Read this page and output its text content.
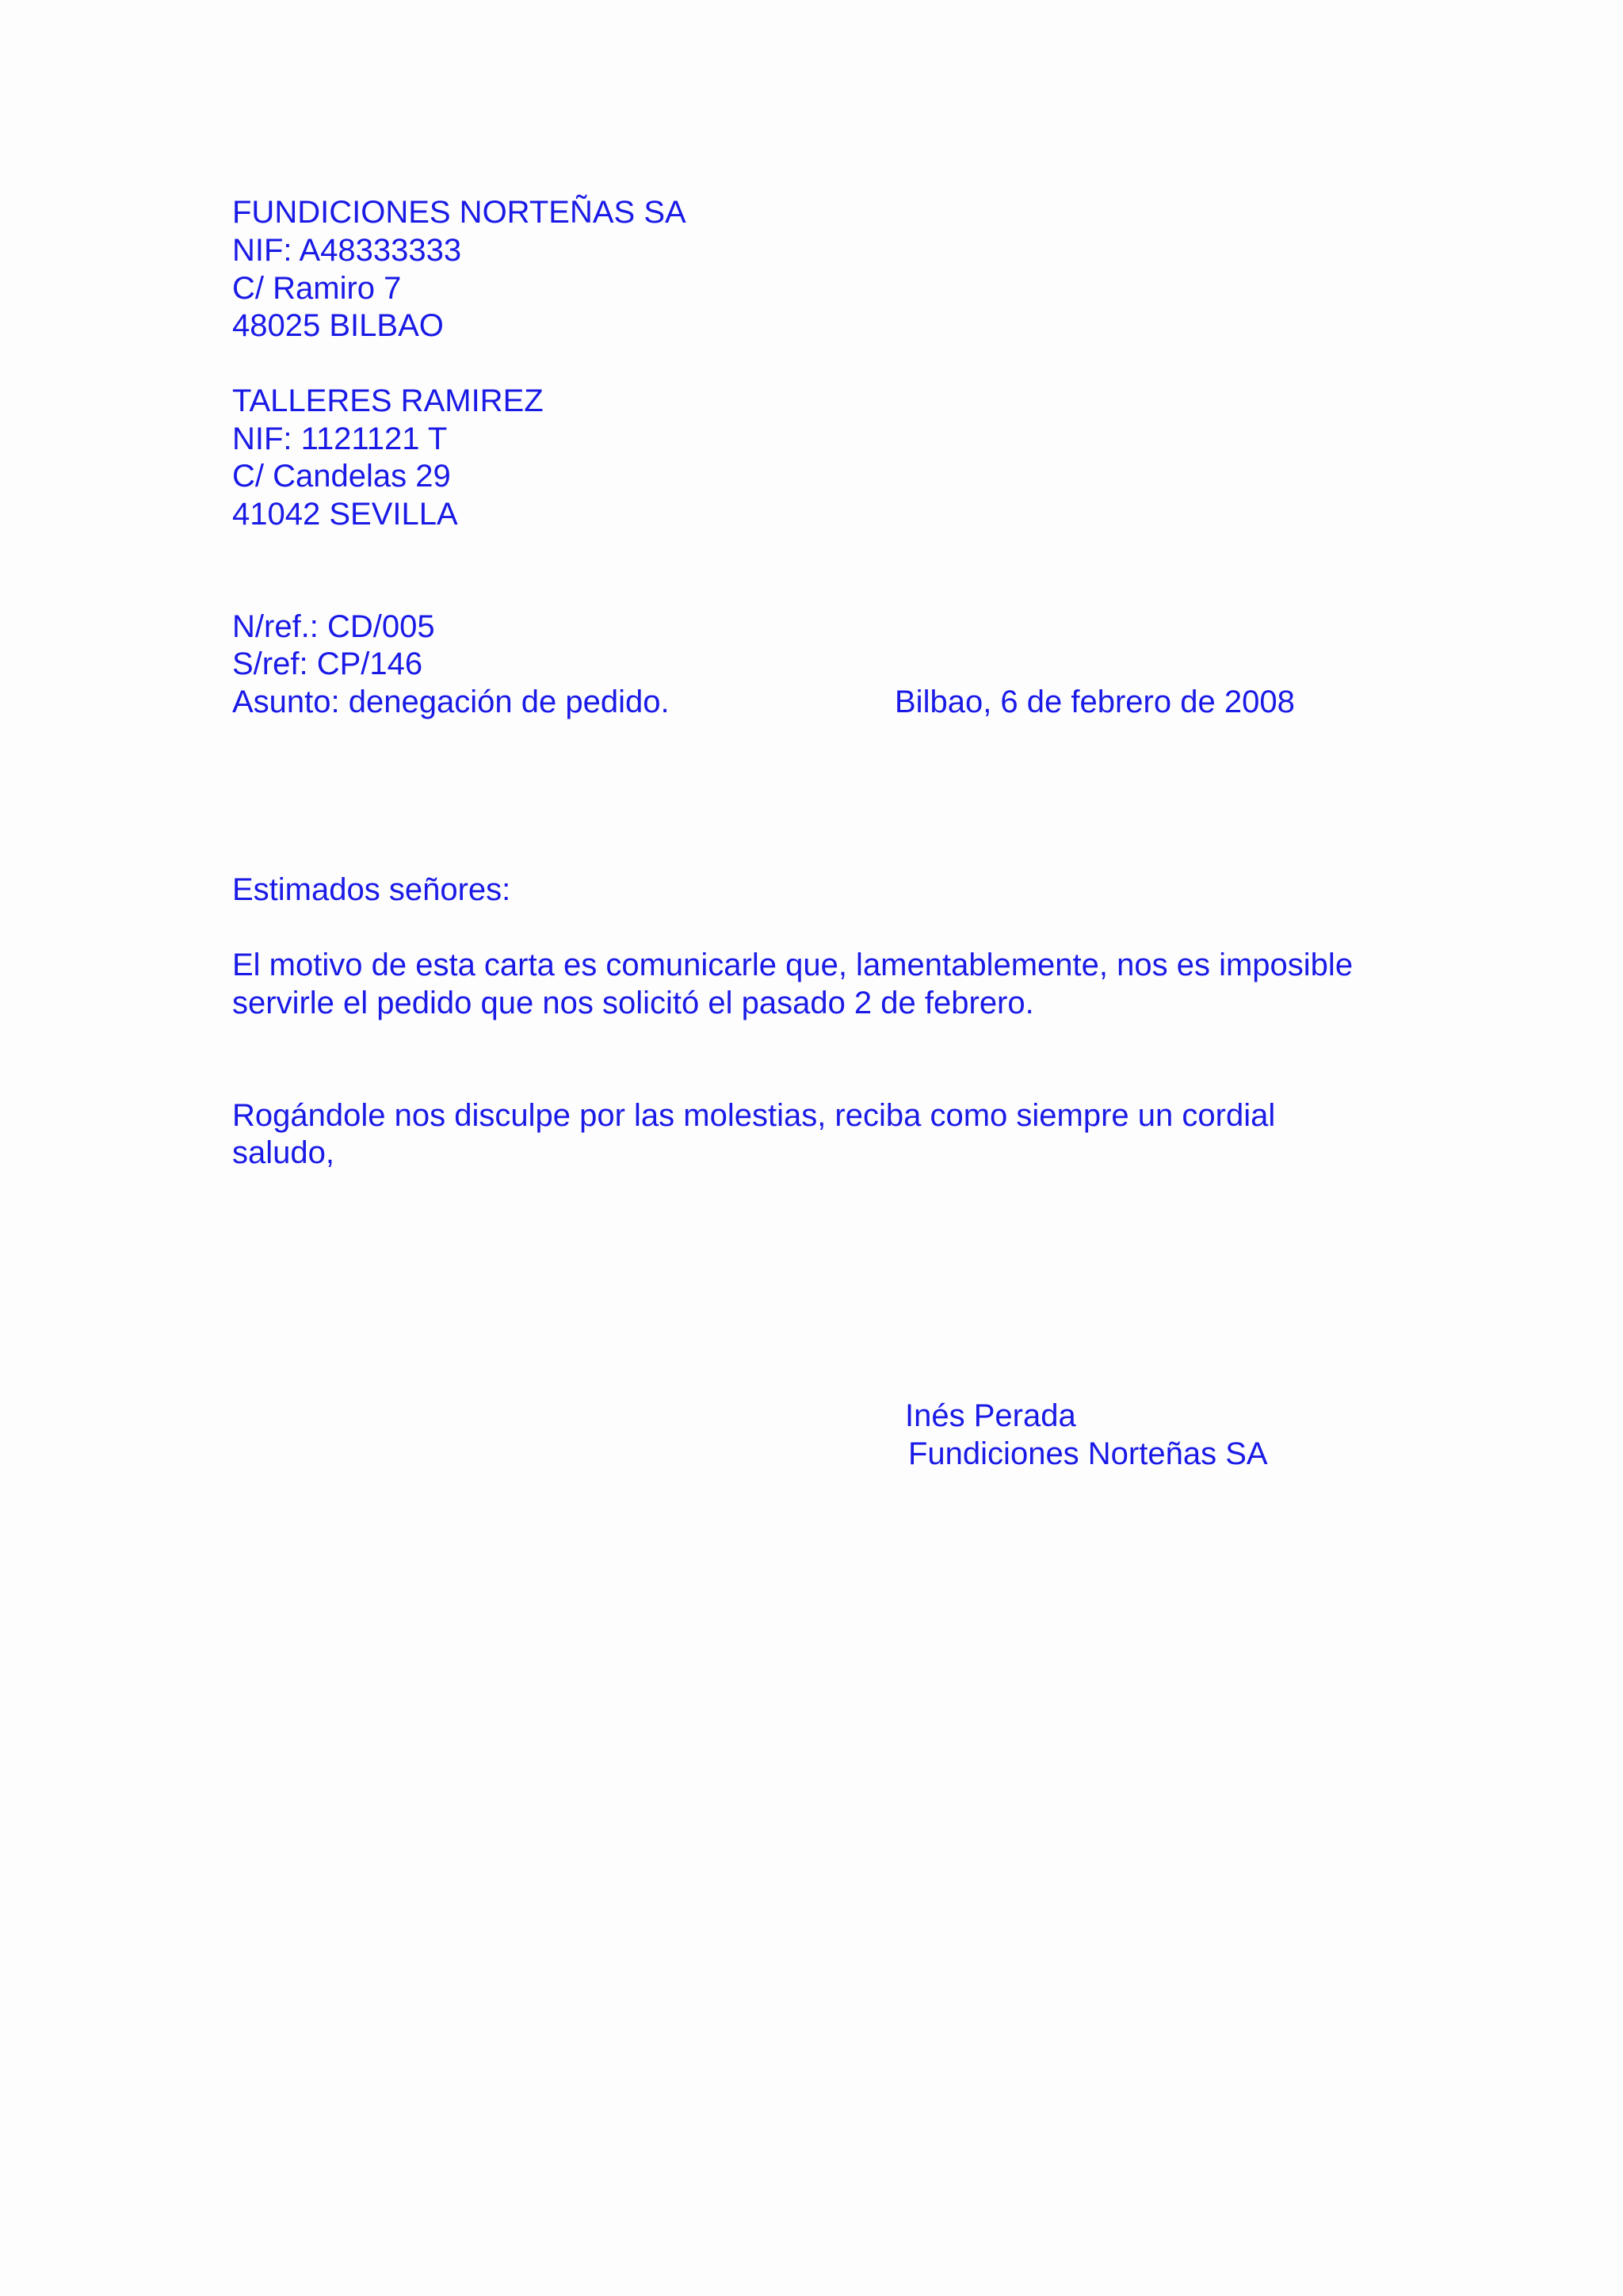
FUNDICIONES NORTEÑAS SA
NIF: A48333333
C/ Ramiro 7
48025 BILBAO
TALLERES RAMIREZ
NIF: 1121121 T
C/ Candelas 29
41042 SEVILLA
N/ref.: CD/005
S/ref: CP/146
Asunto: denegación de pedido.	Bilbao, 6 de febrero de 2008
Estimados señores:
El motivo de esta carta es comunicarle que, lamentablemente, nos es imposible
servirle el pedido que nos solicitó el pasado 2 de febrero.
Rogándole nos disculpe por las molestias, reciba como siempre un cordial
saludo,
Inés Perada
Fundiciones Norteñas SA
